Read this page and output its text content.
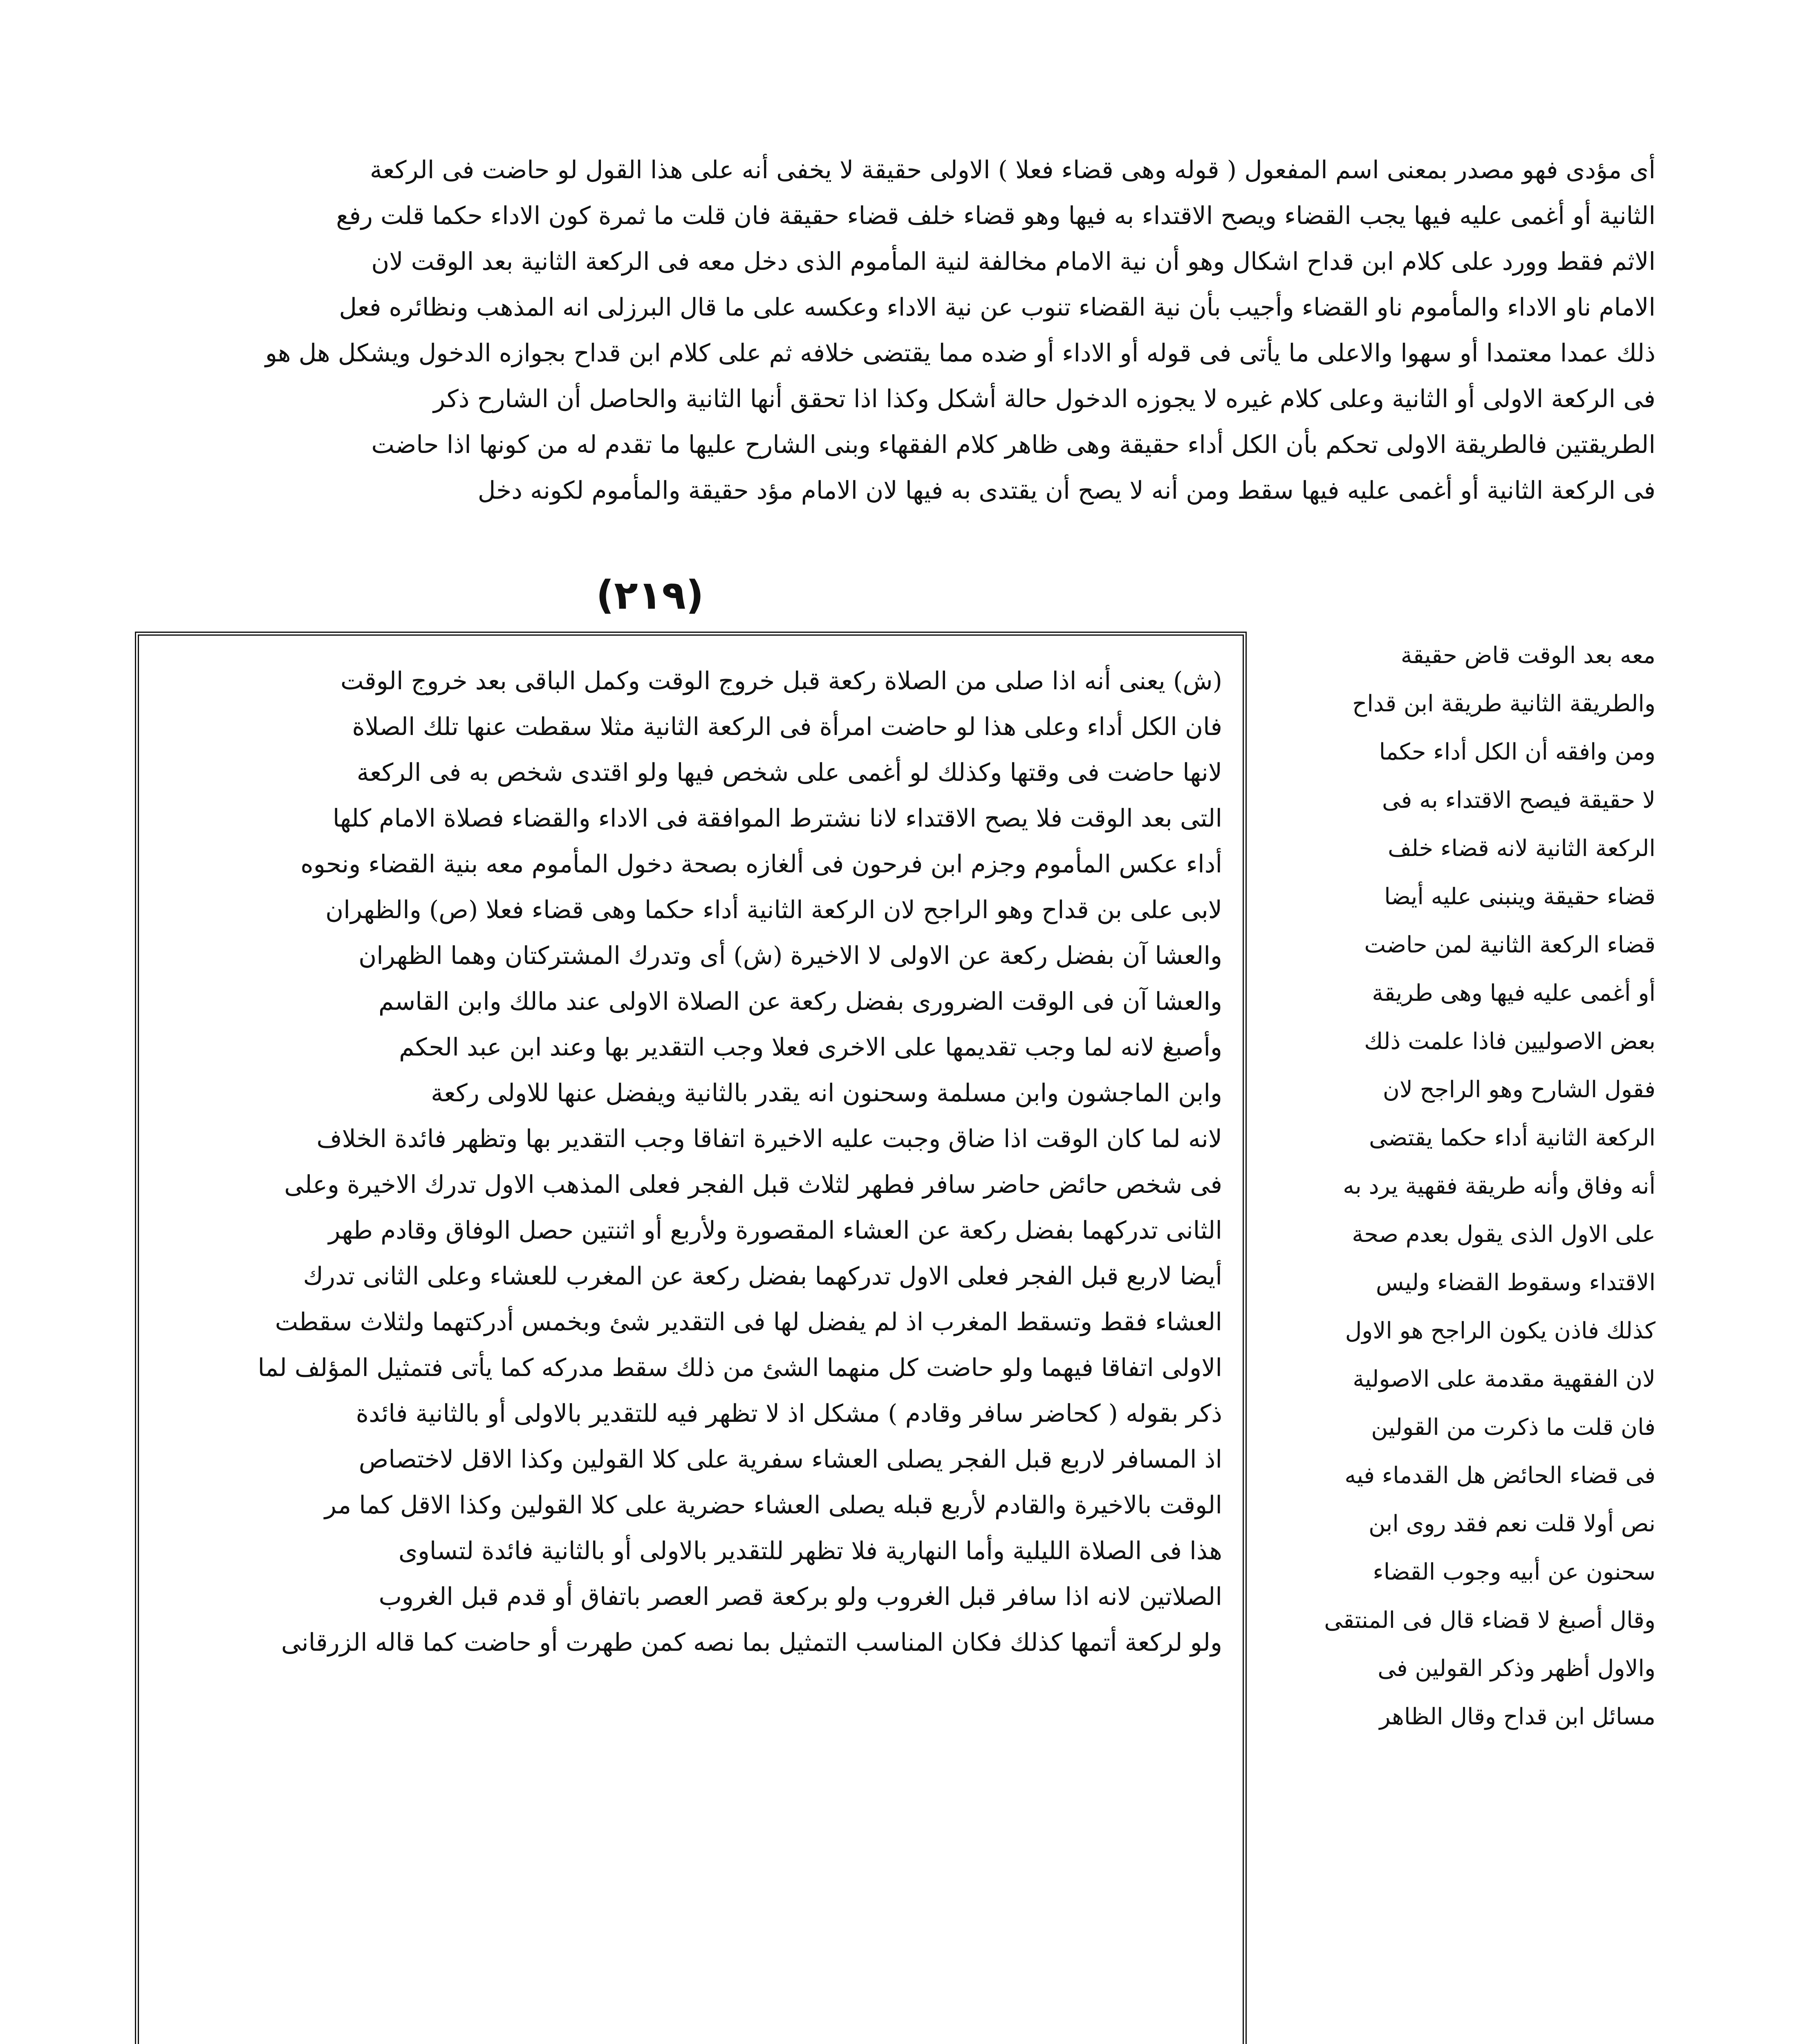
أى مؤدى فهو مصدر بمعنى اسم المفعول ( قوله وهى قضاء فعلا ) الاولى حقيقة لا يخفى أنه على هذا القول لو حاضت فى الركعة
الثانية أو أغمى عليه فيها يجب القضاء ويصح الاقتداء به فيها وهو قضاء خلف قضاء حقيقة فان قلت ما ثمرة كون الاداء حكما قلت رفع
الاثم فقط وورد على كلام ابن قداح اشكال وهو أن نية الامام مخالفة لنية المأموم الذى دخل معه فى الركعة الثانية بعد الوقت لان
الامام ناو الاداء والمأموم ناو القضاء وأجيب بأن نية القضاء تنوب عن نية الاداء وعكسه على ما قال البرزلى انه المذهب ونظائره فعل
ذلك عمدا معتمدا أو سهوا والاعلى ما يأتى فى قوله أو الاداء أو ضده مما يقتضى خلافه ثم على كلام ابن قداح بجوازه الدخول ويشكل هل هو
فى الركعة الاولى أو الثانية وعلى كلام غيره لا يجوزه الدخول حالة أشكل وكذا اذا تحقق أنها الثانية والحاصل أن الشارح ذكر
الطريقتين فالطريقة الاولى تحكم بأن الكل أداء حقيقة وهى ظاهر كلام الفقهاء وبنى الشارح عليها ما تقدم له من كونها اذا حاضت
فى الركعة الثانية أو أغمى عليه فيها سقط ومن أنه لا يصح أن يقتدى به فيها لان الامام مؤد حقيقة والمأموم لكونه دخل
(٢١٩)
(ش) يعنى أنه اذا صلى من الصلاة ركعة قبل خروج الوقت وكمل الباقى بعد خروج الوقت
فان الكل أداء وعلى هذا لو حاضت امرأة فى الركعة الثانية مثلا سقطت عنها تلك الصلاة
لانها حاضت فى وقتها وكذلك لو أغمى على شخص فيها ولو اقتدى شخص به فى الركعة
التى بعد الوقت فلا يصح الاقتداء لانا نشترط الموافقة فى الاداء والقضاء فصلاة الامام كلها
أداء عكس المأموم وجزم ابن فرحون فى ألغازه بصحة دخول المأموم معه بنية القضاء ونحوه
لابى على بن قداح وهو الراجح لان الركعة الثانية أداء حكما وهى قضاء فعلا (ص) والظهران
والعشا آن بفضل ركعة عن الاولى لا الاخيرة (ش) أى وتدرك المشتركتان وهما الظهران
والعشا آن فى الوقت الضرورى بفضل ركعة عن الصلاة الاولى عند مالك وابن القاسم
وأصبغ لانه لما وجب تقديمها على الاخرى فعلا وجب التقدير بها وعند ابن عبد الحكم
وابن الماجشون وابن مسلمة وسحنون انه يقدر بالثانية ويفضل عنها للاولى ركعة
لانه لما كان الوقت اذا ضاق وجبت عليه الاخيرة اتفاقا وجب التقدير بها وتظهر فائدة الخلاف
فى شخص حائض حاضر سافر فطهر لثلاث قبل الفجر فعلى المذهب الاول تدرك الاخيرة وعلى
الثانى تدركهما بفضل ركعة عن العشاء المقصورة ولأربع أو اثنتين حصل الوفاق وقادم طهر
أيضا لاربع قبل الفجر فعلى الاول تدركهما بفضل ركعة عن المغرب للعشاء وعلى الثانى تدرك
العشاء فقط وتسقط المغرب اذ لم يفضل لها فى التقدير شئ وبخمس أدركتهما ولثلاث سقطت
الاولى اتفاقا فيهما ولو حاضت كل منهما الشئ من ذلك سقط مدركه كما يأتى فتمثيل المؤلف لما
ذكر بقوله ( كحاضر سافر وقادم ) مشكل اذ لا تظهر فيه للتقدير بالاولى أو بالثانية فائدة
اذ المسافر لاربع قبل الفجر يصلى العشاء سفرية على كلا القولين وكذا الاقل لاختصاص
الوقت بالاخيرة والقادم لأربع قبله يصلى العشاء حضرية على كلا القولين وكذا الاقل كما مر
هذا فى الصلاة الليلية وأما النهارية فلا تظهر للتقدير بالاولى أو بالثانية فائدة لتساوى
الصلاتين لانه اذا سافر قبل الغروب ولو بركعة قصر العصر باتفاق أو قدم قبل الغروب
ولو لركعة أتمها كذلك فكان المناسب التمثيل بما نصه كمن طهرت أو حاضت كما قاله الزرقانى
معه بعد الوقت قاض حقيقة
والطريقة الثانية طريقة ابن قداح
ومن وافقه أن الكل أداء حكما
لا حقيقة فيصح الاقتداء به فى
الركعة الثانية لانه قضاء خلف
قضاء حقيقة وينبنى عليه أيضا
قضاء الركعة الثانية لمن حاضت
أو أغمى عليه فيها وهى طريقة
بعض الاصوليين فاذا علمت ذلك
فقول الشارح وهو الراجح لان
الركعة الثانية أداء حكما يقتضى
أنه وفاق وأنه طريقة فقهية يرد به
على الاول الذى يقول بعدم صحة
الاقتداء وسقوط القضاء وليس
كذلك فاذن يكون الراجح هو الاول
لان الفقهية مقدمة على الاصولية
فان قلت ما ذكرت من القولين
فى قضاء الحائض هل القدماء فيه
نص أولا قلت نعم فقد روى ابن
سحنون عن أبيه وجوب القضاء
وقال أصبغ لا قضاء قال فى المنتقى
والاول أظهر وذكر القولين فى
مسائل ابن قداح وقال الظاهر
